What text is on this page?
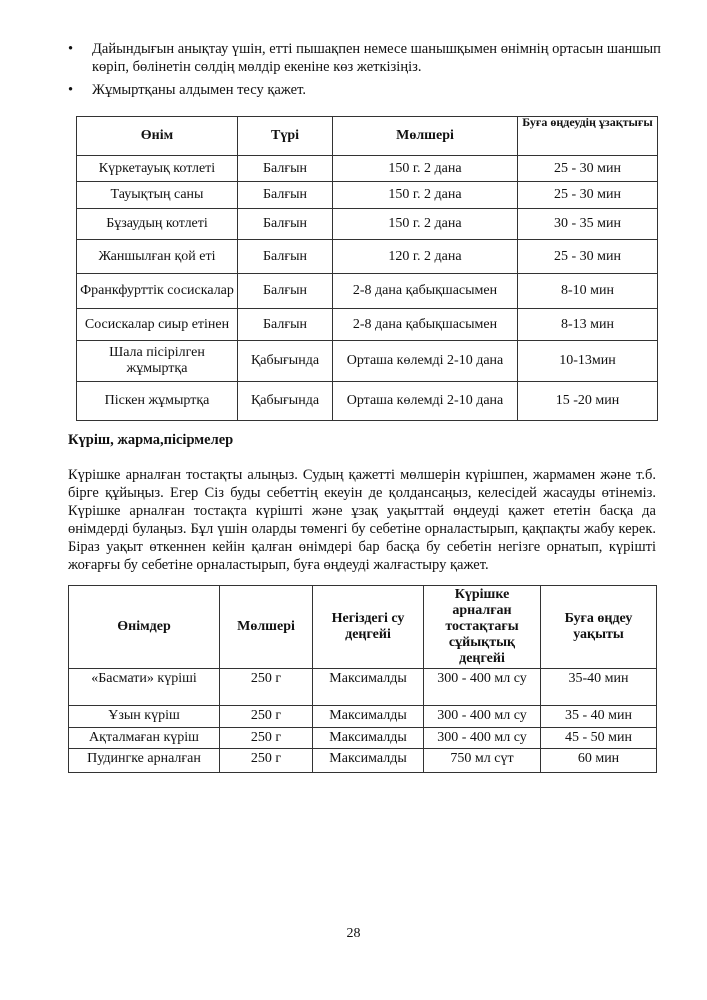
• Дайындығын анықтау үшін, етті пышақпен немесе шанышқымен өнімнің ортасын шаншып көріп, бөлінетін сөлдің мөлдір екеніне көз жеткізіңіз.
• Жұмыртқаны алдымен тесу қажет.
Өнім	Түрі	Мөлшері	Буға өңдеудің ұзақтығы
Күркетауық котлеті	Балғын	150 г. 2 дана	25 - 30 мин
Тауықтың саны	Балғын	150 г. 2 дана	25 - 30 мин
Бұзаудың котлеті	Балғын	150 г. 2 дана	30 - 35 мин
Жаншылған қой еті	Балғын	120 г. 2 дана	25 - 30 мин
Франкфурттік сосискалар	Балғын	2-8 дана қабықшасымен	8-10 мин
Сосискалар сиыр етінен	Балғын	2-8 дана қабықшасымен	8-13 мин
Шала пісірілген жұмыртқа	Қабығында	Орташа көлемді 2-10 дана	10-13мин
Піскен жұмыртқа	Қабығында	Орташа көлемді 2-10 дана	15 -20 мин
Күріш, жарма,пісірмелер

Күрішке арналған тостақты алыңыз. Судың қажетті мөлшерін күрішпен, жармамен және т.б. бірге құйыңыз. Егер Сіз буды себеттің екеуін де қолдансаңыз, келесідей жасауды өтінеміз. Күрішке арналған тостақта күрішті және ұзақ уақыттай өңдеуді қажет ететін басқа да өнімдерді булаңыз. Бұл үшін оларды төменгі бу себетіне орналастырып, қақпақты жабу керек. Біраз уақыт өткеннен кейін қалған өнімдері бар басқа бу себетін негізге орнатып, күрішті жоғарғы бу себетіне орналастырып, буға өңдеуді жалғастыру қажет.

Өнімдер	Мөлшері	Негіздегі су деңгейі	Күрішке арналған тостақтағы сұйықтық деңгейі	Буға өңдеу уақыты
«Басмати» күріші	250 г	Максималды	300 - 400 мл су	35-40 мин
Ұзын күріш	250 г	Максималды	300 - 400 мл су	35 - 40 мин
Ақталмаған күріш	250 г	Максималды	300 - 400 мл су	45 - 50 мин
Пудингке арналған	250 г	Максималды	750 мл сүт	60 мин
28
